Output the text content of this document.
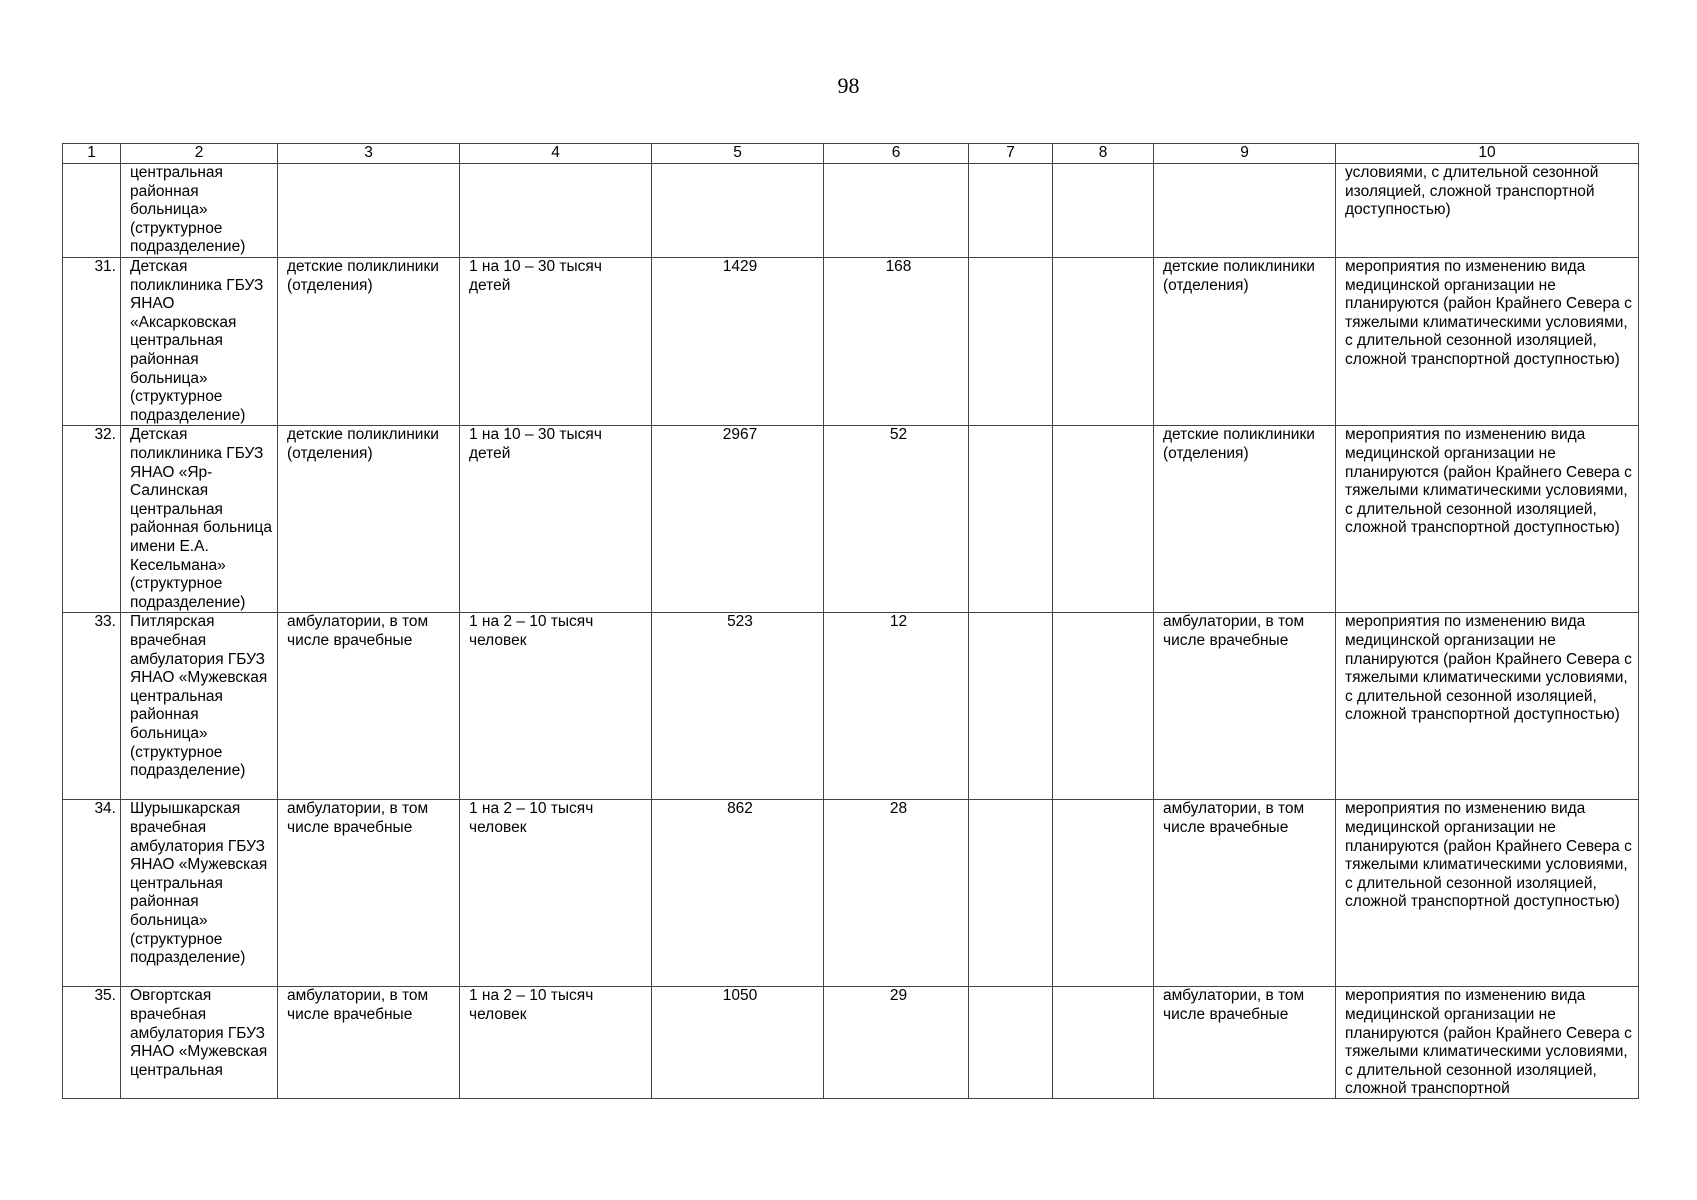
98
1	2	3	4	5	6	7	8	9	10

	центральная районная больница» (структурное подразделение)								условиями, с длительной сезонной изоляцией, сложной транспортной доступностью)

31.	Детская поликлиника ГБУЗ ЯНАО «Аксарковская центральная районная больница» (структурное подразделение)	детские поликлиники (отделения)	1 на 10 – 30 тысяч детей	1429	168			детские поликлиники (отделения)	мероприятия по изменению вида медицинской организации не планируются (район Крайнего Севера с тяжелыми климатическими условиями, с длительной сезонной изоляцией, сложной транспортной доступностью)
32.	Детская поликлиника ГБУЗ ЯНАО «Яр-Салинская центральная районная больница имени Е.А. Кесельмана» (структурное подразделение)	детские поликлиники (отделения)	1 на 10 – 30 тысяч детей	2967	52			детские поликлиники (отделения)	мероприятия по изменению вида медицинской организации не планируются (район Крайнего Севера с тяжелыми климатическими условиями, с длительной сезонной изоляцией, сложной транспортной доступностью)
33.	Питлярская врачебная амбулатория ГБУЗ ЯНАО «Мужевская центральная районная больница» (структурное подразделение)	амбулатории, в том числе врачебные	1 на 2 – 10 тысяч человек	523	12			амбулатории, в том числе врачебные	мероприятия по изменению вида медицинской организации не планируются (район Крайнего Севера с тяжелыми климатическими условиями, с длительной сезонной изоляцией, сложной транспортной доступностью)
34.	Шурышкарская врачебная амбулатория ГБУЗ ЯНАО «Мужевская центральная районная больница» (структурное подразделение)	амбулатории, в том числе врачебные	1 на 2 – 10 тысяч человек	862	28			амбулатории, в том числе врачебные	мероприятия по изменению вида медицинской организации не планируются (район Крайнего Севера с тяжелыми климатическими условиями, с длительной сезонной изоляцией, сложной транспортной доступностью)
35.	Овгортская врачебная амбулатория ГБУЗ ЯНАО «Мужевская центральная	амбулатории, в том числе врачебные	1 на 2 – 10 тысяч человек	1050	29			амбулатории, в том числе врачебные	мероприятия по изменению вида медицинской организации не планируются (район Крайнего Севера с тяжелыми климатическими условиями, с длительной сезонной изоляцией, сложной транспортной
